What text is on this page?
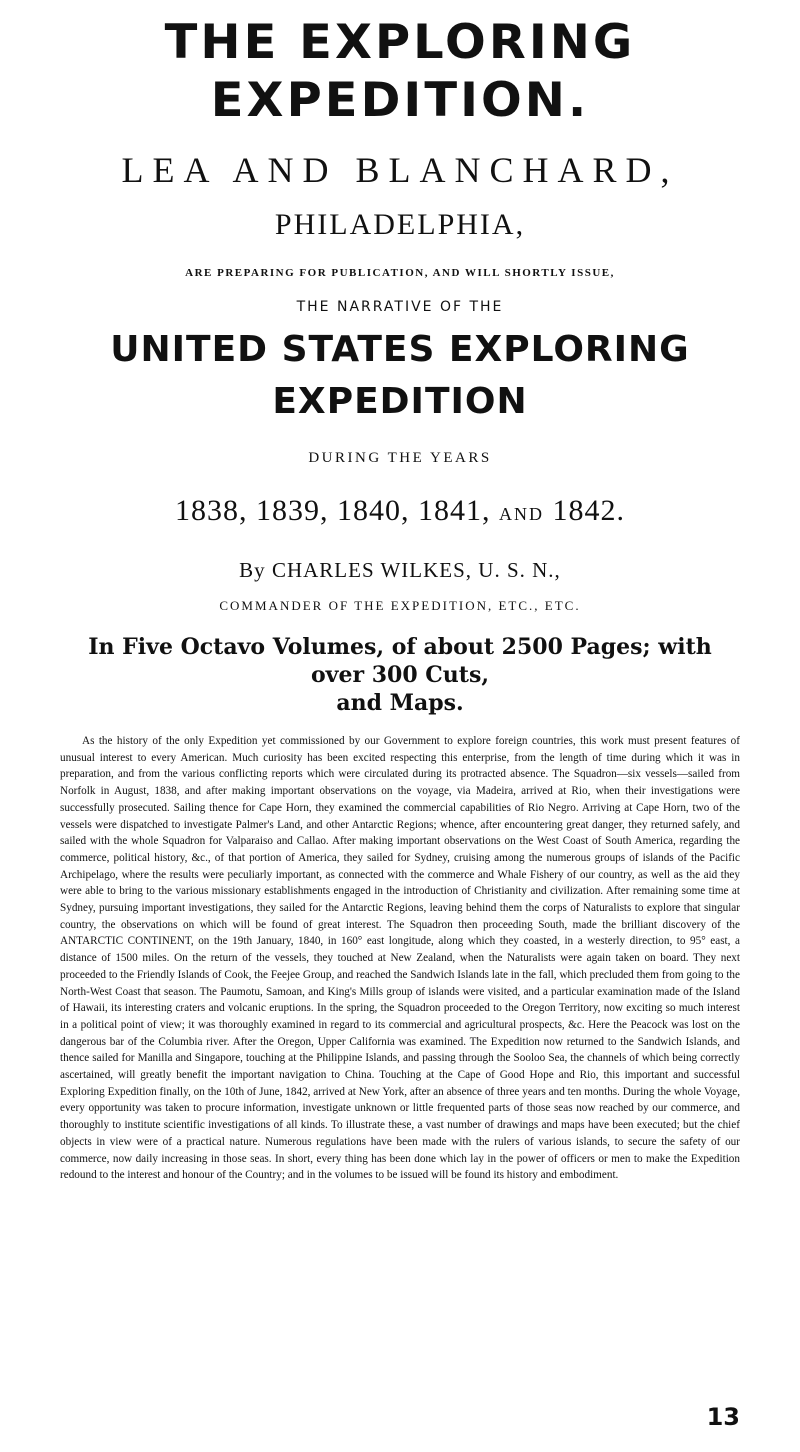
THE EXPLORING EXPEDITION.
LEA AND BLANCHARD,
PHILADELPHIA,
ARE PREPARING FOR PUBLICATION, AND WILL SHORTLY ISSUE,
THE NARRATIVE OF THE
UNITED STATES EXPLORING EXPEDITION
DURING THE YEARS
1838, 1839, 1840, 1841, AND 1842.
By CHARLES WILKES, U. S. N.,
COMMANDER OF THE EXPEDITION, ETC., ETC.
In Five Octavo Volumes, of about 2500 Pages; with over 300 Cuts,
and Maps.

As the history of the only Expedition yet commissioned by our Government to explore foreign countries, this work must present features of unusual interest to every American. Much curiosity has been excited respecting this enterprise, from the length of time during which it was in preparation, and from the various conflicting reports which were circulated during its protracted absence. The Squadron—six vessels—sailed from Norfolk in August, 1838, and after making important observations on the voyage, via Madeira, arrived at Rio, when their investigations were successfully prosecuted. Sailing thence for Cape Horn, they examined the commercial capabilities of Rio Negro. Arriving at Cape Horn, two of the vessels were dispatched to investigate Palmer's Land, and other Antarctic Regions; whence, after encountering great danger, they returned safely, and sailed with the whole Squadron for Valparaiso and Callao. After making important observations on the West Coast of South America, regarding the commerce, political history, &c., of that portion of America, they sailed for Sydney, cruising among the numerous groups of islands of the Pacific Archipelago, where the results were peculiarly important, as connected with the commerce and Whale Fishery of our country, as well as the aid they were able to bring to the various missionary establishments engaged in the introduction of Christianity and civilization. After remaining some time at Sydney, pursuing important investigations, they sailed for the Antarctic Regions, leaving behind them the corps of Naturalists to explore that singular country, the observations on which will be found of great interest. The Squadron then proceeding South, made the brilliant discovery of the ANTARCTIC CONTINENT, on the 19th January, 1840, in 160° east longitude, along which they coasted, in a westerly direction, to 95° east, a distance of 1500 miles. On the return of the vessels, they touched at New Zealand, when the Naturalists were again taken on board. They next proceeded to the Friendly Islands of Cook, the Feejee Group, and reached the Sandwich Islands late in the fall, which precluded them from going to the North-West Coast that season. The Paumotu, Samoan, and King's Mills group of islands were visited, and a particular examination made of the Island of Hawaii, its interesting craters and volcanic eruptions. In the spring, the Squadron proceeded to the Oregon Territory, now exciting so much interest in a political point of view; it was thoroughly examined in regard to its commercial and agricultural prospects, &c. Here the Peacock was lost on the dangerous bar of the Columbia river. After the Oregon, Upper California was examined. The Expedition now returned to the Sandwich Islands, and thence sailed for Manilla and Singapore, touching at the Philippine Islands, and passing through the Sooloo Sea, the channels of which being correctly ascertained, will greatly benefit the important navigation to China. Touching at the Cape of Good Hope and Rio, this important and successful Exploring Expedition finally, on the 10th of June, 1842, arrived at New York, after an absence of three years and ten months. During the whole Voyage, every opportunity was taken to procure information, investigate unknown or little frequented parts of those seas now reached by our commerce, and thoroughly to institute scientific investigations of all kinds. To illustrate these, a vast number of drawings and maps have been executed; but the chief objects in view were of a practical nature. Numerous regulations have been made with the rulers of various islands, to secure the safety of our commerce, now daily increasing in those seas. In short, every thing has been done which lay in the power of officers or men to make the Expedition redound to the interest and honour of the Country; and in the volumes to be issued will be found its history and embodiment.

13
